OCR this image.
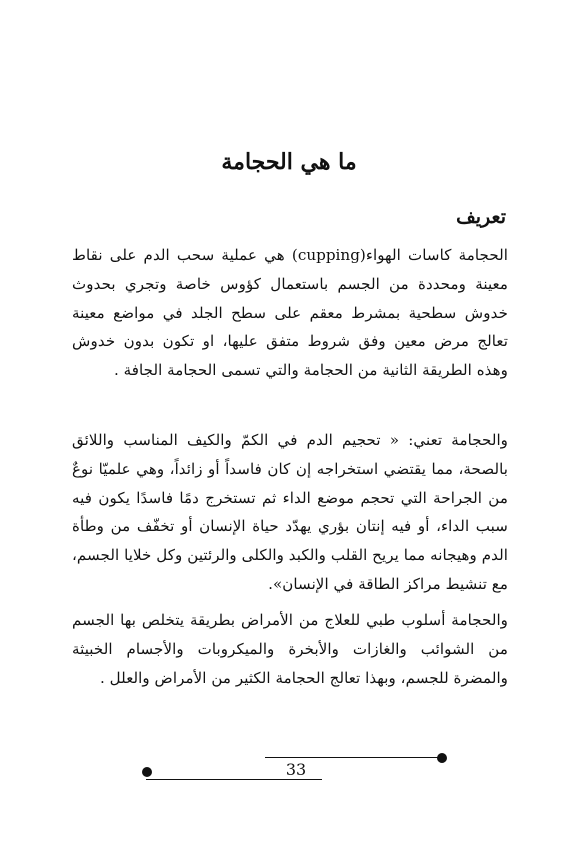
ما هي الحجامة
تعريف

الحجامة كاسات الهواء(cupping) هي عملية سحب الدم على نقاط معينة ومحددة من الجسم باستعمال كؤوس خاصة وتجري بحدوث خدوش سطحية بمشرط معقم على سطح الجلد في مواضع معينة تعالج مرض معين وفق شروط متفق عليها، او تكون بدون خدوش وهذه الطريقة الثانية من الحجامة والتي تسمى الحجامة الجافة .

والحجامة تعني: « تحجيم الدم في الكمّ والكيف المناسب واللائق بالصحة، مما يقتضي استخراجه إن كان فاسداً أو زائداً، وهي علميّا نوعٌ من الجراحة التي تحجم موضع الداء ثم تستخرج دمًا فاسدًا يكون فيه سبب الداء، أو فيه إنتان بؤري يهدّد حياة الإنسان أو تخفّف من وطأة الدم وهيجانه مما يريح القلب والكبد والكلى والرئتين وكل خلايا الجسم، مع تنشيط مراكز الطاقة في الإنسان».

والحجامة أسلوب طبي للعلاج من الأمراض بطريقة يتخلص بها الجسم من الشوائب والغازات والأبخرة والميكروبات والأجسام الخبيثة والمضرة للجسم، وبهذا تعالج الحجامة الكثير من الأمراض والعلل .

33
